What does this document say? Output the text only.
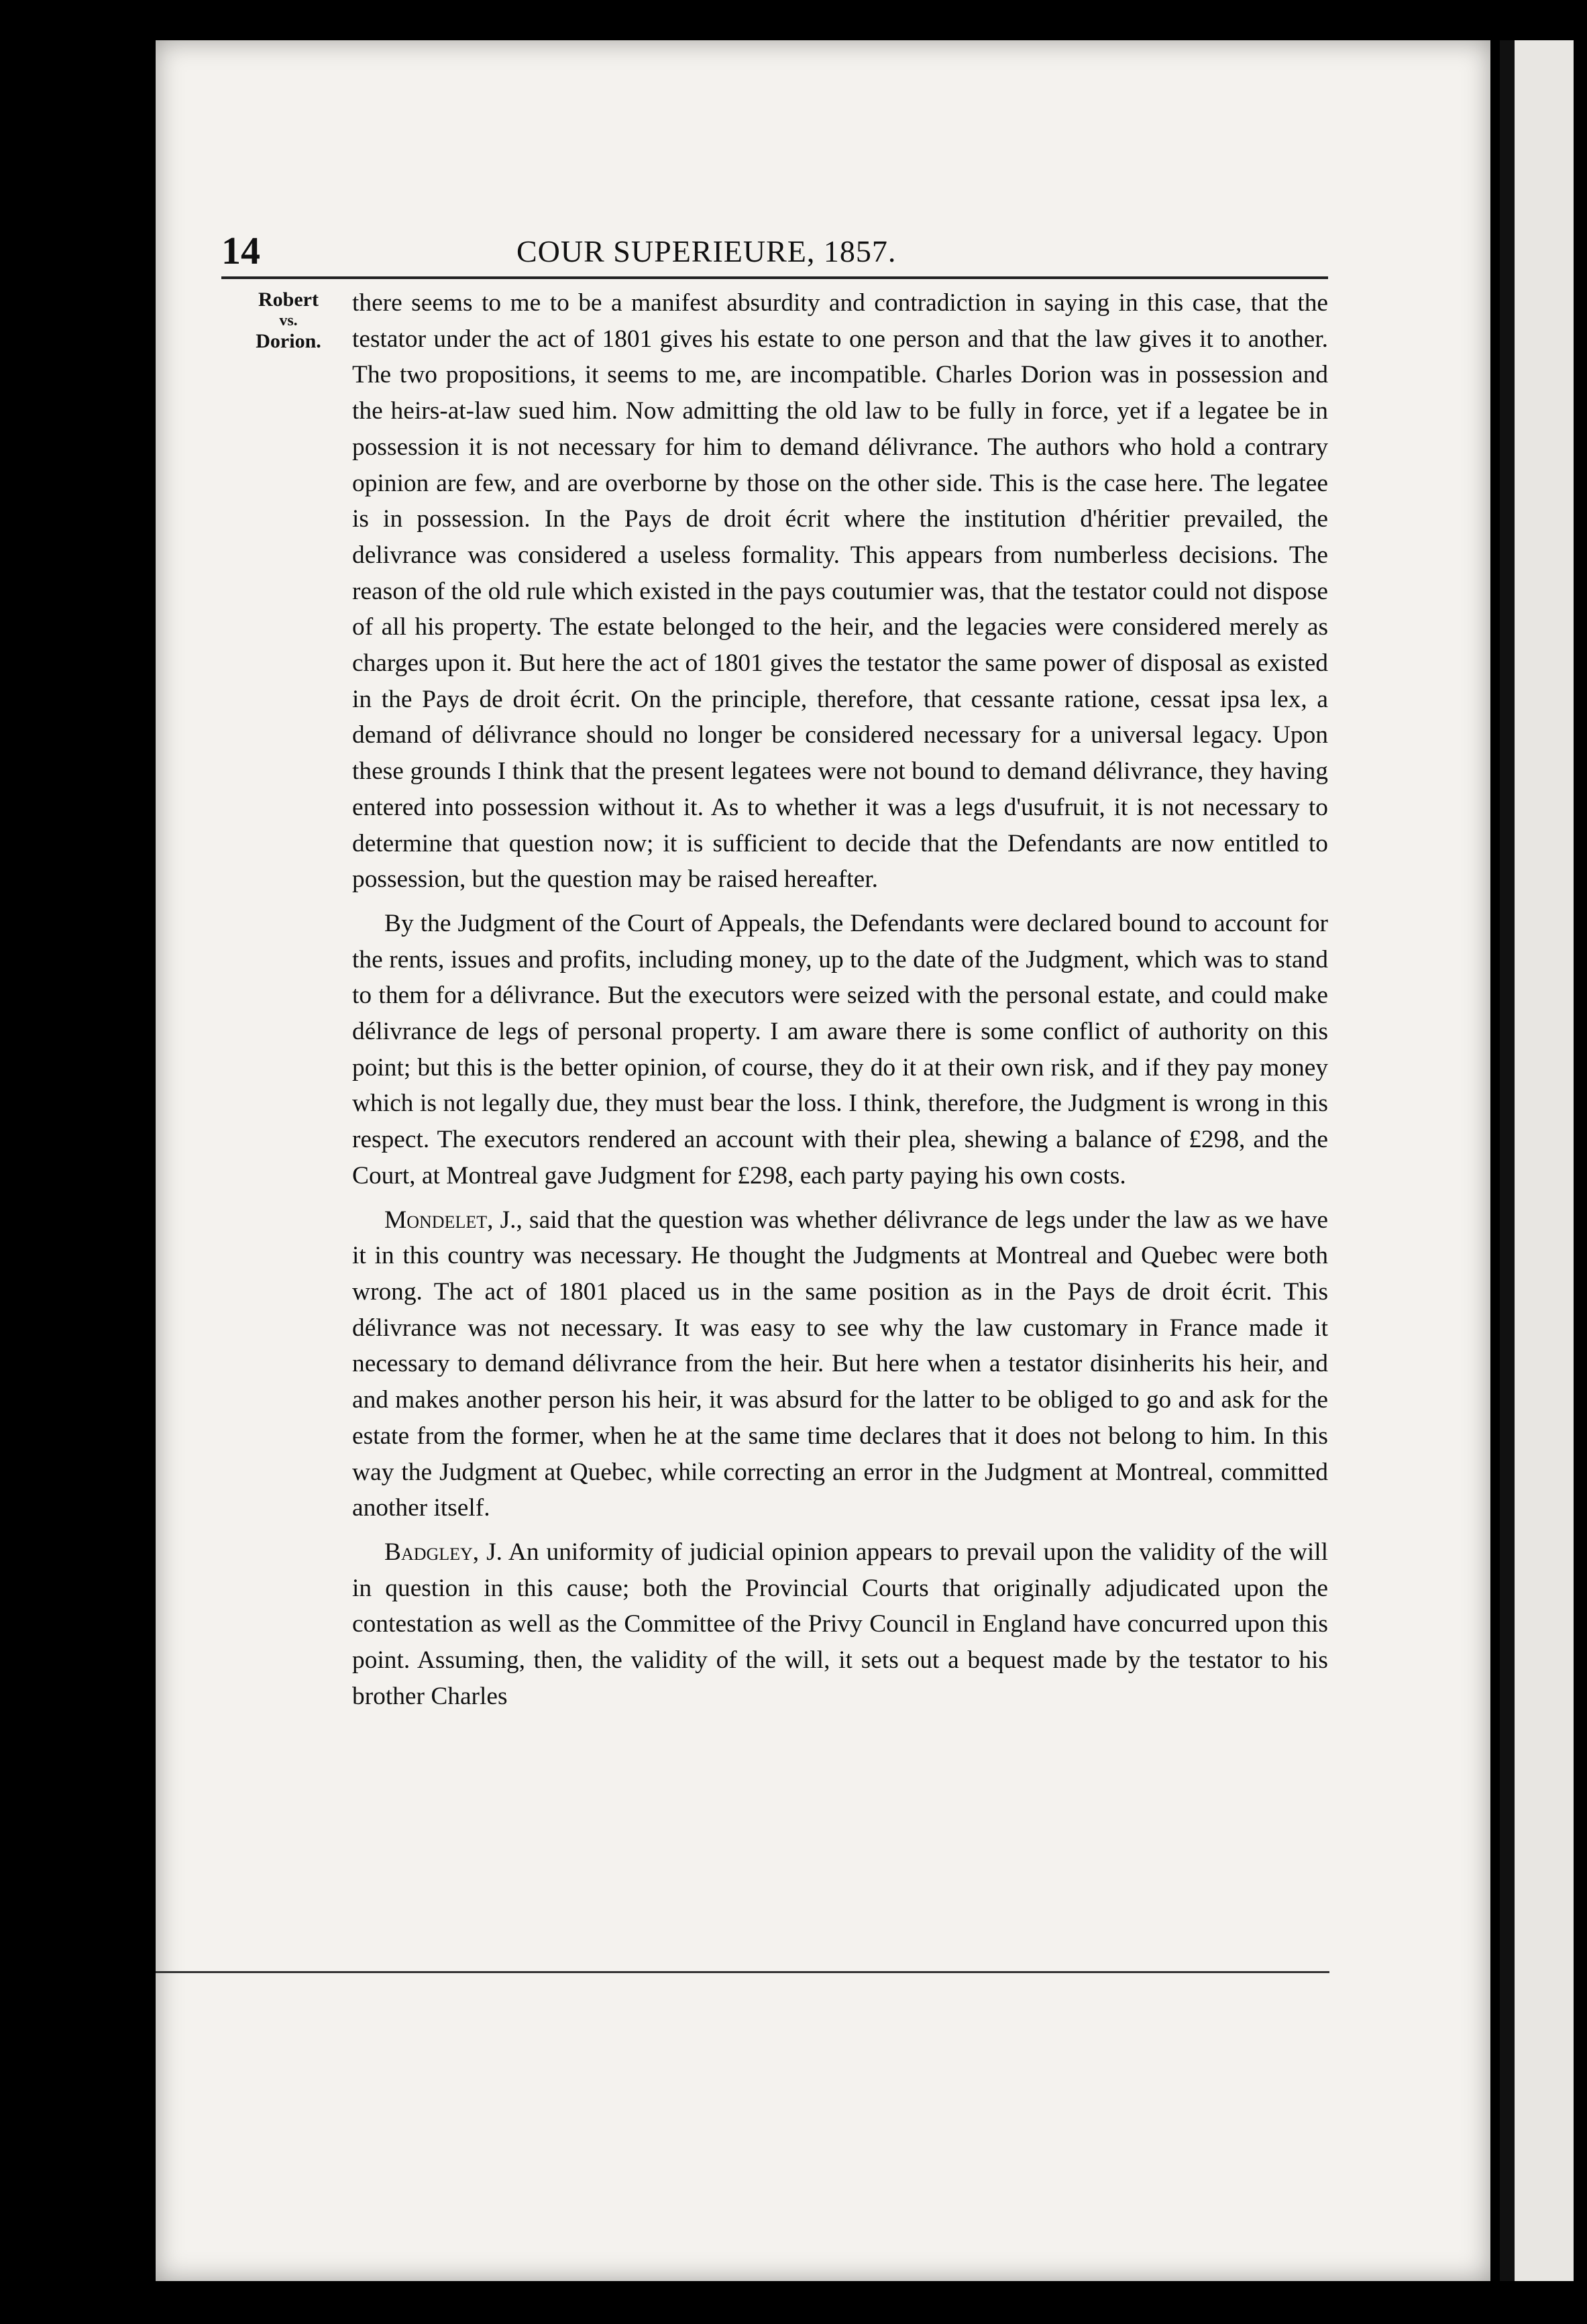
14	COUR SUPERIEURE, 1857.
Robert
vs.
Dorion.

there seems to me to be a manifest absurdity and contradiction in saying in this case, that the testator under the act of 1801 gives his estate to one person and that the law gives it to another. The two propositions, it seems to me, are incompatible. Charles Dorion was in possession and the heirs-at-law sued him. Now admitting the old law to be fully in force, yet if a legatee be in possession it is not necessary for him to demand délivrance. The authors who hold a contrary opinion are few, and are overborne by those on the other side. This is the case here. The legatee is in possession. In the Pays de droit écrit where the institution d'héritier prevailed, the delivrance was considered a useless formality. This appears from numberless decisions. The reason of the old rule which existed in the pays coutumier was, that the testator could not dispose of all his property. The estate belonged to the heir, and the legacies were considered merely as charges upon it. But here the act of 1801 gives the testator the same power of disposal as existed in the Pays de droit écrit. On the principle, therefore, that cessante ratione, cessat ipsa lex, a demand of délivrance should no longer be considered necessary for a universal legacy. Upon these grounds I think that the present legatees were not bound to demand délivrance, they having entered into possession without it. As to whether it was a legs d'usufruit, it is not necessary to determine that question now; it is sufficient to decide that the Defendants are now entitled to possession, but the question may be raised hereafter.

By the Judgment of the Court of Appeals, the Defendants were declared bound to account for the rents, issues and profits, including money, up to the date of the Judgment, which was to stand to them for a délivrance. But the executors were seized with the personal estate, and could make délivrance de legs of personal property. I am aware there is some conflict of authority on this point; but this is the better opinion, of course, they do it at their own risk, and if they pay money which is not legally due, they must bear the loss. I think, therefore, the Judgment is wrong in this respect. The executors rendered an account with their plea, shewing a balance of £298, and the Court, at Montreal gave Judgment for £298, each party paying his own costs.

Mondelet, J., said that the question was whether délivrance de legs under the law as we have it in this country was necessary. He thought the Judgments at Montreal and Quebec were both wrong. The act of 1801 placed us in the same position as in the Pays de droit écrit. This délivrance was not necessary. It was easy to see why the law customary in France made it necessary to demand délivrance from the heir. But here when a testator disinherits his heir, and and makes another person his heir, it was absurd for the latter to be obliged to go and ask for the estate from the former, when he at the same time declares that it does not belong to him. In this way the Judgment at Quebec, while correcting an error in the Judgment at Montreal, committed another itself.

Badgley, J. An uniformity of judicial opinion appears to prevail upon the validity of the will in question in this cause; both the Provincial Courts that originally adjudicated upon the contestation as well as the Committee of the Privy Council in England have concurred upon this point. Assuming, then, the validity of the will, it sets out a bequest made by the testator to his brother Charles
